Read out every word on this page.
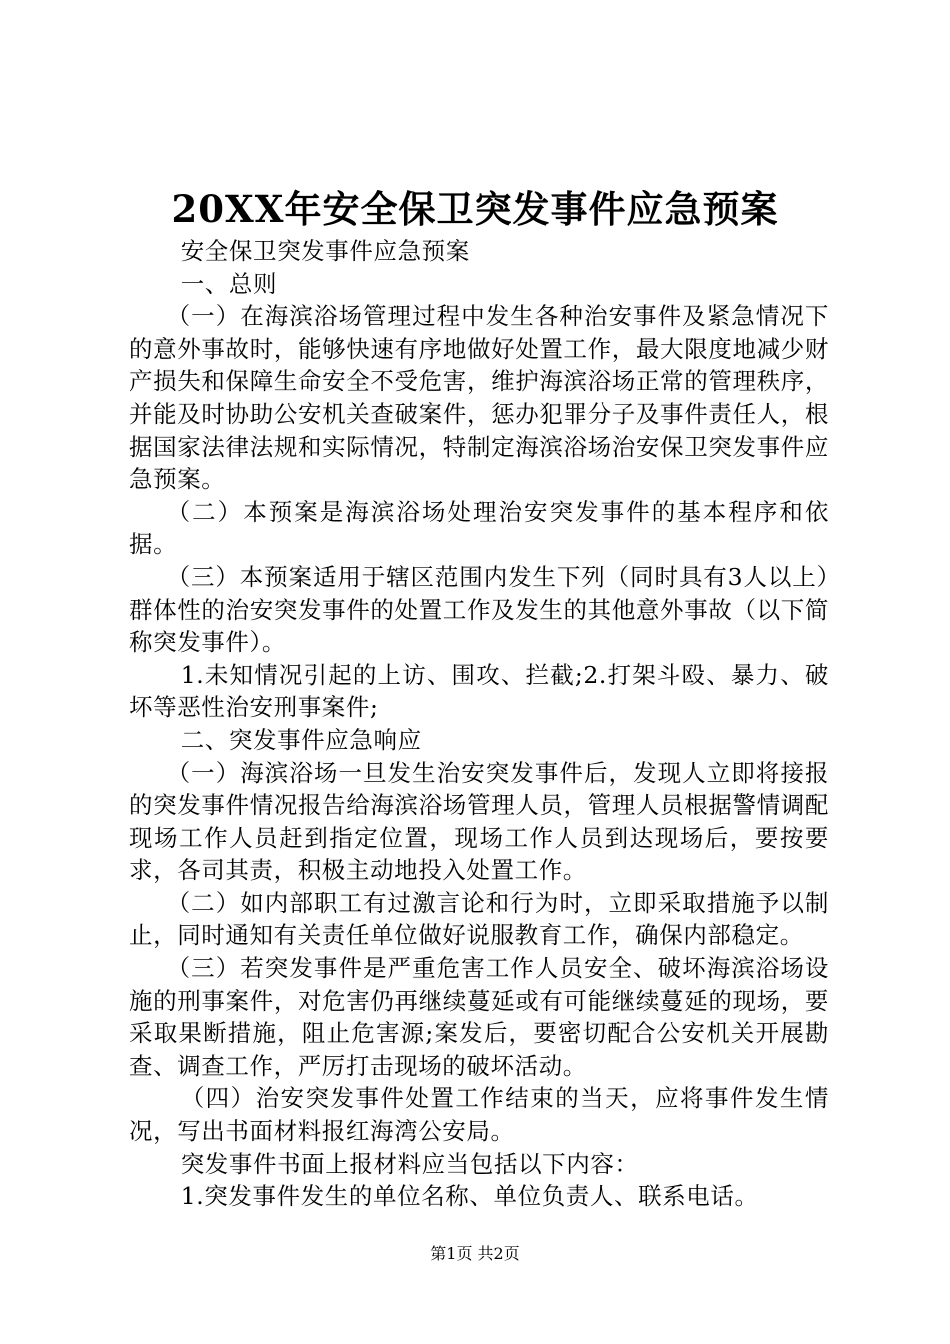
20XX年安全保卫突发事件应急预案

安全保卫突发事件应急预案

一、总则

（一）在海滨浴场管理过程中发生各种治安事件及紧急情况下的意外事故时，能够快速有序地做好处置工作，最大限度地减少财产损失和保障生命安全不受危害，维护海滨浴场正常的管理秩序，并能及时协助公安机关查破案件，惩办犯罪分子及事件责任人，根据国家法律法规和实际情况，特制定海滨浴场治安保卫突发事件应急预案。

（二）本预案是海滨浴场处理治安突发事件的基本程序和依据。

（三）本预案适用于辖区范围内发生下列（同时具有3人以上）群体性的治安突发事件的处置工作及发生的其他意外事故（以下简称突发事件）。

1.未知情况引起的上访、围攻、拦截;2.打架斗殴、暴力、破坏等恶性治安刑事案件;

二、突发事件应急响应

（一）海滨浴场一旦发生治安突发事件后，发现人立即将接报的突发事件情况报告给海滨浴场管理人员，管理人员根据警情调配现场工作人员赶到指定位置，现场工作人员到达现场后，要按要求，各司其责，积极主动地投入处置工作。

（二）如内部职工有过激言论和行为时，立即采取措施予以制止，同时通知有关责任单位做好说服教育工作，确保内部稳定。

（三）若突发事件是严重危害工作人员安全、破坏海滨浴场设施的刑事案件，对危害仍再继续蔓延或有可能继续蔓延的现场，要采取果断措施，阻止危害源;案发后，要密切配合公安机关开展勘查、调查工作，严厉打击现场的破坏活动。

（四）治安突发事件处置工作结束的当天，应将事件发生情况，写出书面材料报红海湾公安局。

突发事件书面上报材料应当包括以下内容：

1.突发事件发生的单位名称、单位负责人、联系电话。

第1页 共2页
